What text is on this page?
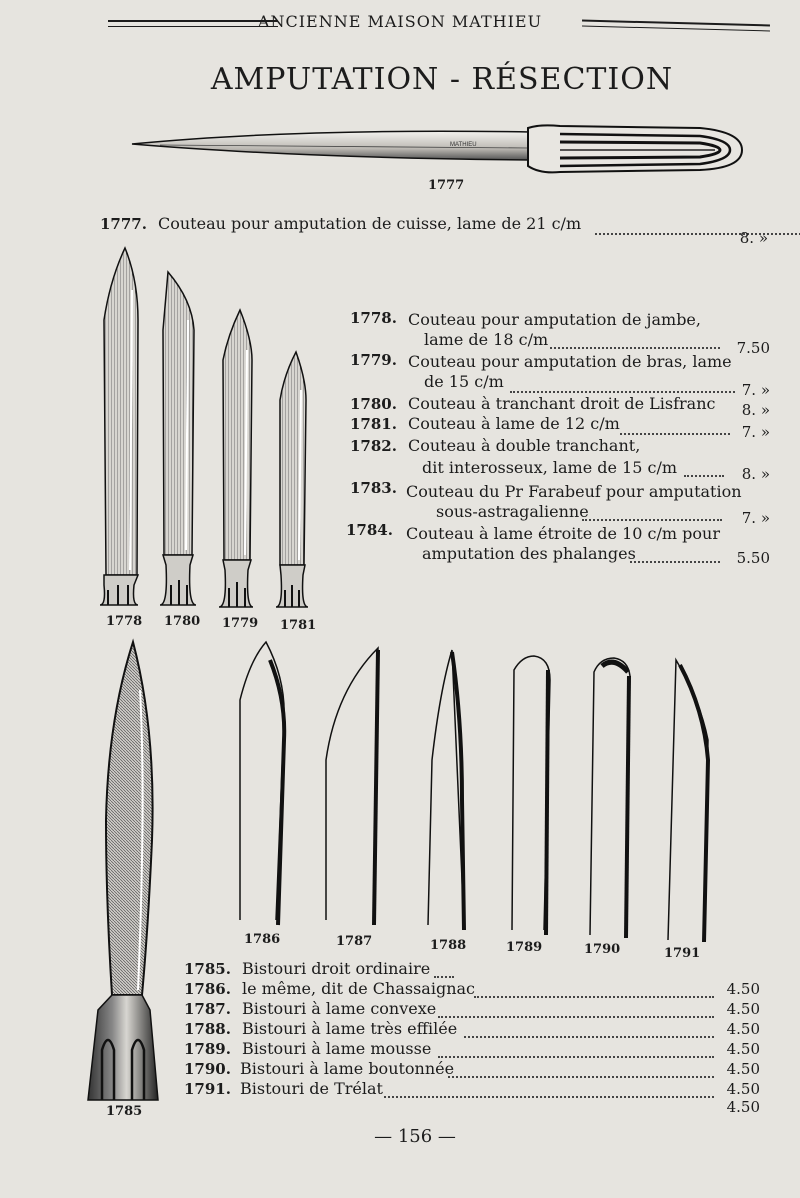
ANCIENNE MAISON MATHIEU
AMPUTATION - RÉSECTION
MATHIEU
1777
1777. Couteau pour amputation de cuisse, lame de 21 c/m
8. »
1778 1780 1779 1781
1778. Couteau pour amputation de jambe,
lame de 18 c/m	7.50
1779. Couteau pour amputation de bras, lame
de 15 c/m	7. »
1780. Couteau à tranchant droit de Lisfranc 8. »
1781. Couteau à lame de 12 c/m	7. »
1782. Couteau à double tranchant,
dit interosseux, lame de 15 c/m	8. »
1783. Couteau du Pr Farabeuf pour amputation
sous-astragalienne	7. »
1784. Couteau à lame étroite de 10 c/m pour
amputation des phalanges	5.50
1785
1786	1787	1788	1789	1790	1791
1785. Bistouri droit ordinaire
1786. le même, dit de Chassaignac	4.50
1787. Bistouri à lame convexe	4.50
1788. Bistouri à lame très effilée	4.50
1789. Bistouri à lame mousse	4.50
1790. Bistouri à lame boutonnée	4.50
1791. Bistouri de Trélat	4.50
4.50
— 156 —
